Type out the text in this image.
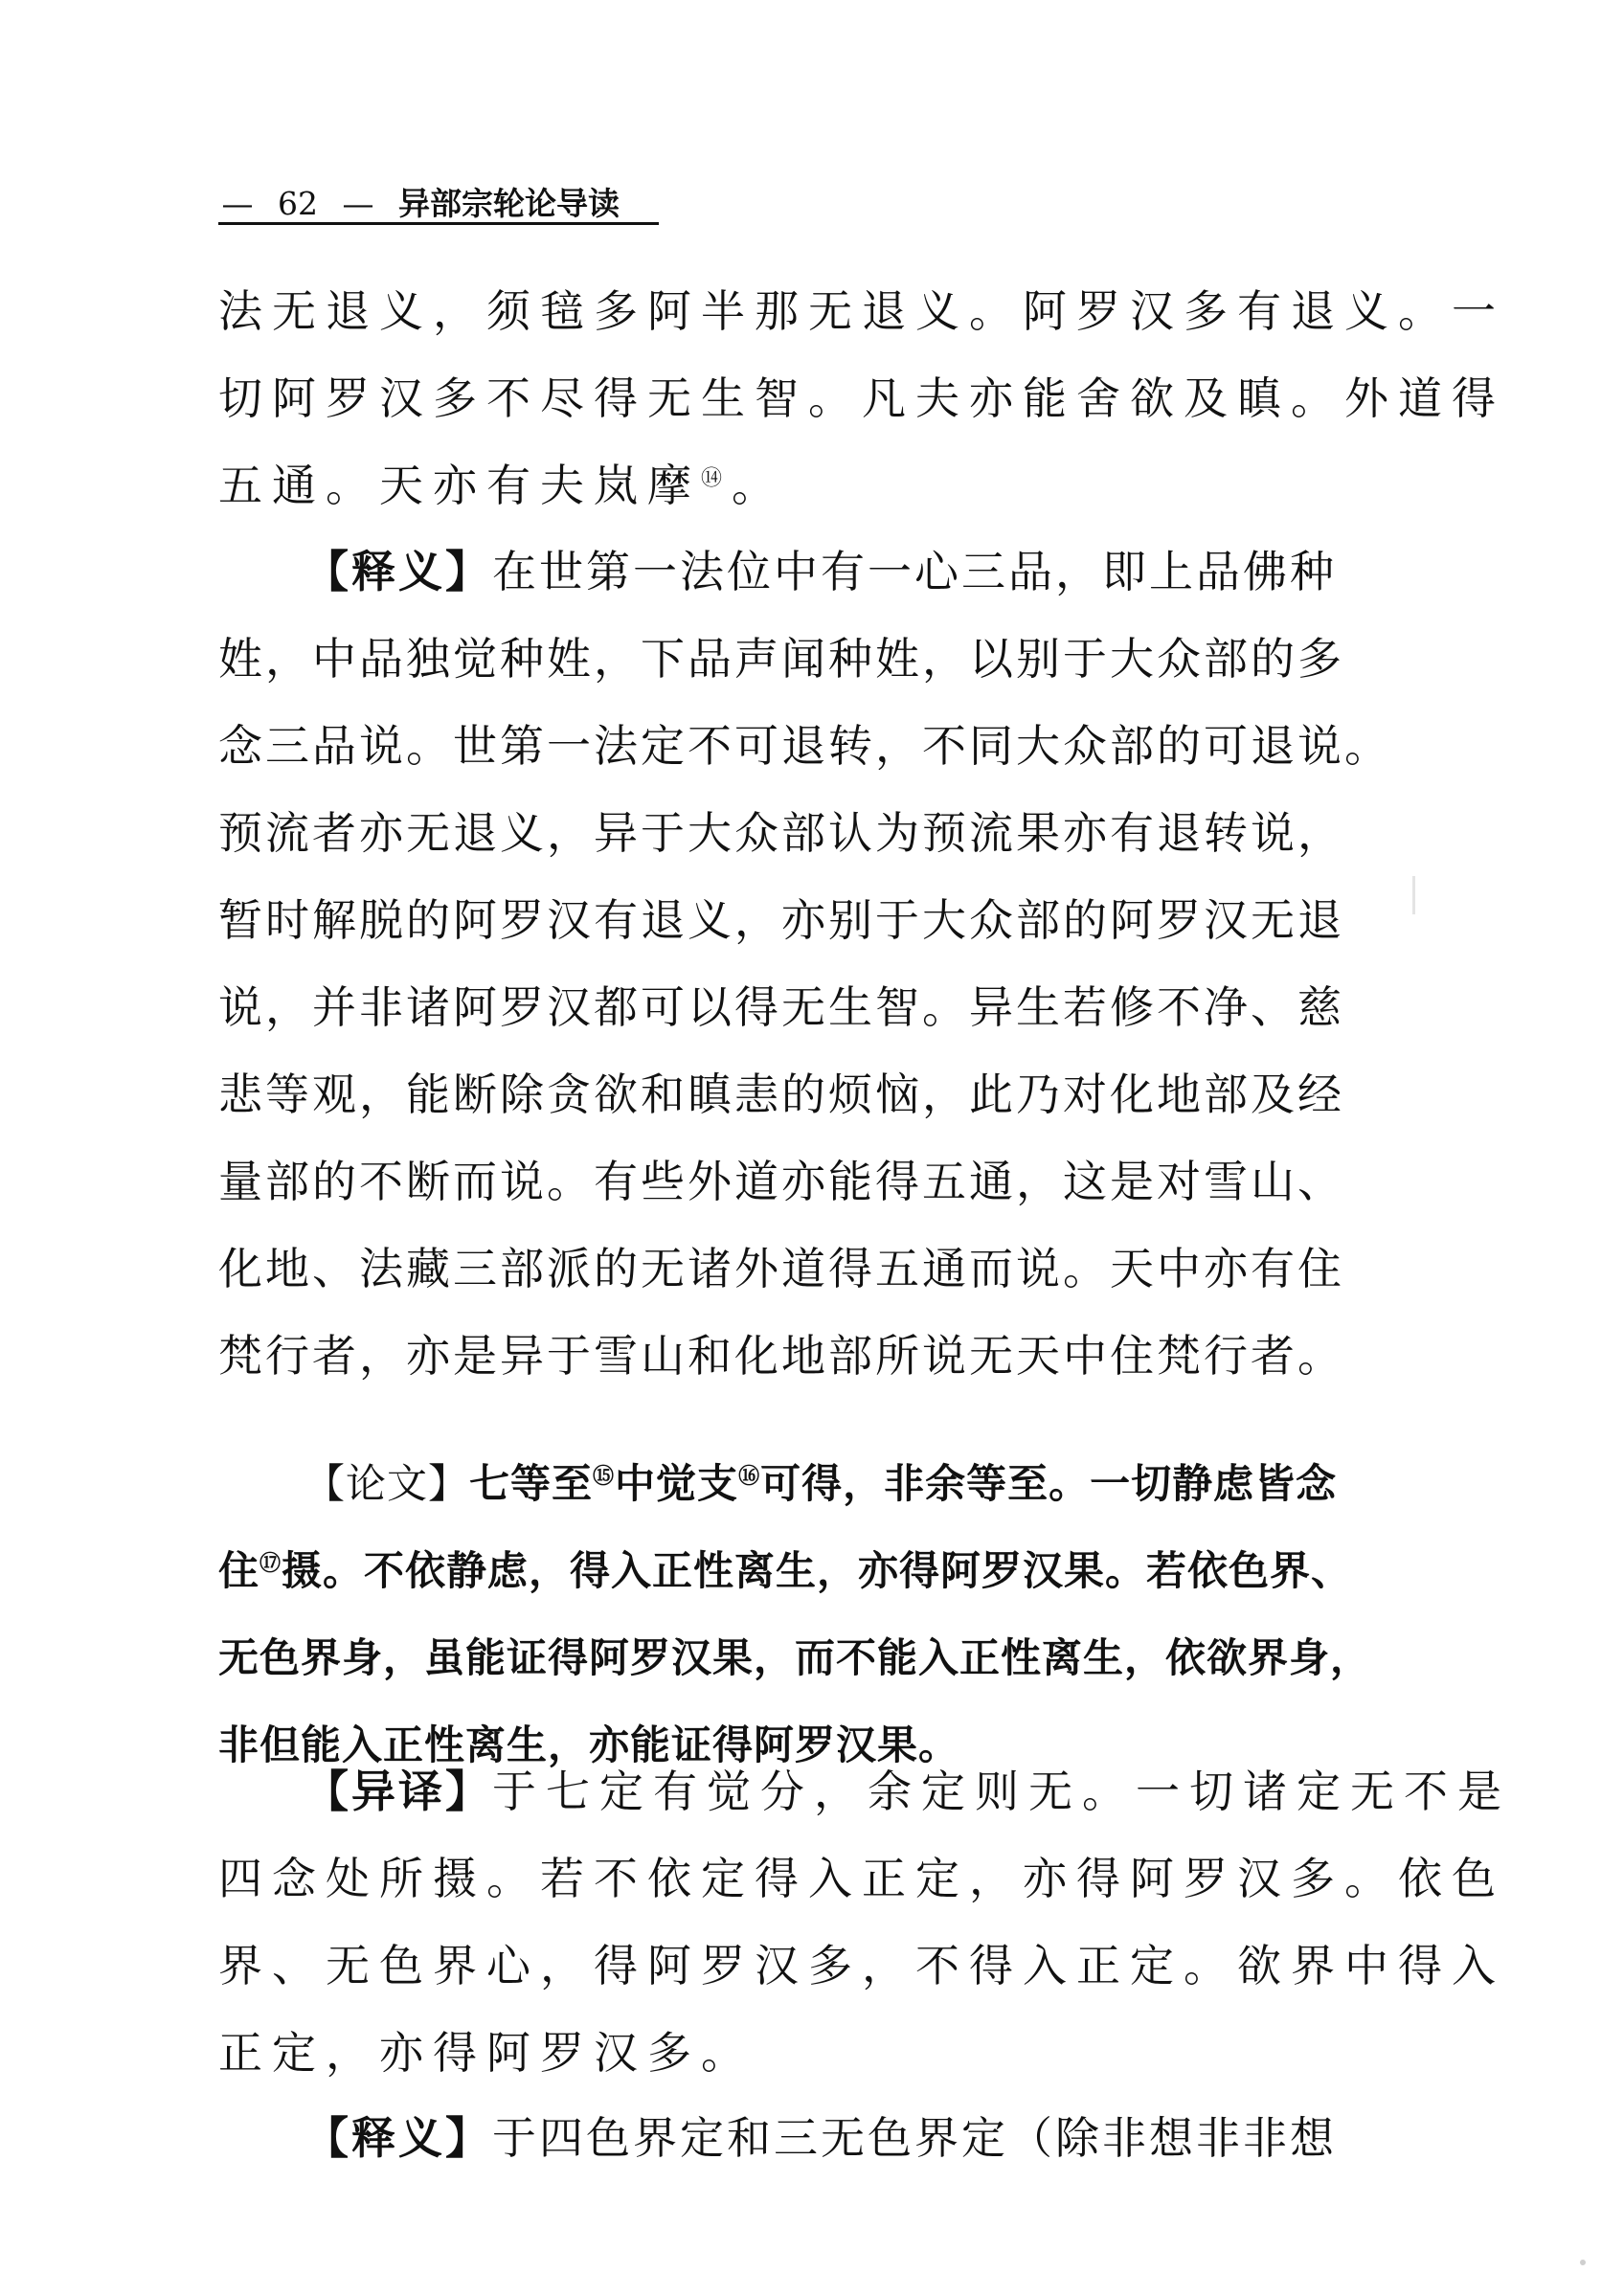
— 62 — 异部宗轮论导读
法无退义，须毰多阿半那无退义。阿罗汉多有退义。一
切阿罗汉多不尽得无生智。凡夫亦能舍欲及瞋。外道得
五通。天亦有夫岚摩⑭。
【释义】在世第一法位中有一心三品，即上品佛种
姓，中品独觉种姓，下品声闻种姓，以别于大众部的多
念三品说。世第一法定不可退转，不同大众部的可退说。
预流者亦无退义，异于大众部认为预流果亦有退转说，
暂时解脱的阿罗汉有退义，亦别于大众部的阿罗汉无退
说，并非诸阿罗汉都可以得无生智。异生若修不净、慈
悲等观，能断除贪欲和瞋恚的烦恼，此乃对化地部及经
量部的不断而说。有些外道亦能得五通，这是对雪山、
化地、法藏三部派的无诸外道得五通而说。天中亦有住
梵行者，亦是异于雪山和化地部所说无天中住梵行者。
【论文】七等至⑮中觉支⑯可得，非余等至。一切静虑皆念
住⑰摄。不依静虑，得入正性离生，亦得阿罗汉果。若依色界、
无色界身，虽能证得阿罗汉果，而不能入正性离生，依欲界身，
非但能入正性离生，亦能证得阿罗汉果。
【异译】于七定有觉分，余定则无。一切诸定无不是
四念处所摄。若不依定得入正定，亦得阿罗汉多。依色
界、无色界心，得阿罗汉多，不得入正定。欲界中得入
正定，亦得阿罗汉多。
【释义】于四色界定和三无色界定（除非想非非想
